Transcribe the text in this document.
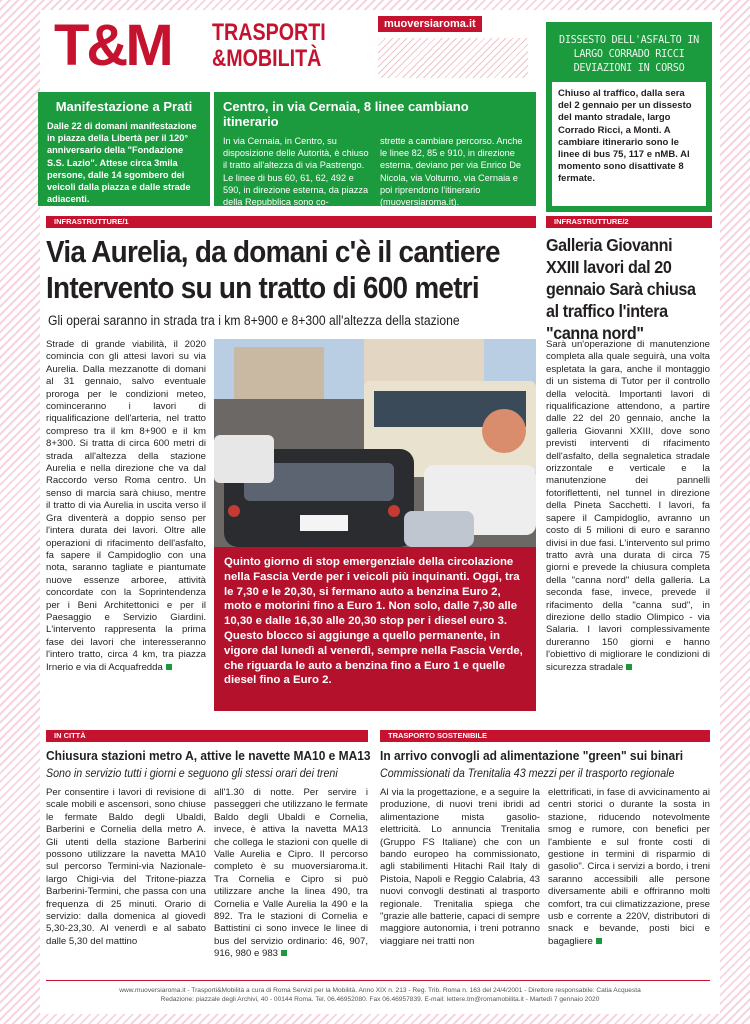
T&M TRASPORTI
&MOBILITÀ
muoversiaroma.it
DISSESTO DELL'ASFALTO IN LARGO CORRADO RICCI DEVIAZIONI IN CORSO

Chiuso al traffico, dalla sera del 2 gennaio per un dissesto del manto stradale, largo Corrado Ricci, a Monti. A cambiare itinerario sono le linee di bus 75, 117 e nMB. Al momento sono disattivate 8 fermate.

Manifestazione a Prati

Dalle 22 di domani manifestazione in piazza della Libertà per il 120° anniversario della "Fondazione S.S. Lazio". Attese circa 3mila persone, dalle 14 sgombero dei veicoli dalla piazza e dalle strade adiacenti.

Centro, in via Cernaia, 8 linee cambiano itinerario

In via Cernaia, in Centro, su disposizione delle Autorità, è chiuso il tratto all'altezza di via Pastrengo. Le linee di bus 60, 61, 62, 492 e 590, in direzione esterna, da piazza della Repubblica sono co-

strette a cambiare percorso. Anche le linee 82, 85 e 910, in direzione esterna, deviano per via Enrico De Nicola, via Volturno, via Cernaia e poi riprendono l'itinerario (muoversiaroma.it).

INFRASTRUTTURE/1
Via Aurelia, da domani c'è il cantiere
Intervento su un tratto di 600 metri
Gli operai saranno in strada tra i km 8+900 e 8+300 all'altezza della stazione
Strade di grande viabilità, il 2020 comincia con gli attesi lavori su via Aurelia. Dalla mezzanotte di domani al 31 gennaio, salvo eventuale proroga per le condizioni meteo, cominceranno i lavori di riqualificazione dell'arteria, nel tratto compreso tra il km 8+900 e il km 8+300. Si tratta di circa 600 metri di strada all'altezza della stazione Aurelia e nella direzione che va dal Raccordo verso Roma centro. Un senso di marcia sarà chiuso, mentre il tratto di via Aurelia in uscita verso il Gra diventerà a doppio senso per l'intera durata dei lavori. Oltre alle operazioni di rifacimento dell'asfalto, fa sapere il Campidoglio con una nota, saranno tagliate e piantumate nuove essenze arboree, attività concordate con la Soprintendenza per i Beni Architettonici e per il Paesaggio e Servizio Giardini. L'intervento rappresenta la prima fase dei lavori che interesseranno l'intero tratto, circa 4 km, tra piazza Irnerio e via di Acquafredda
Quinto giorno di stop emergenziale della circolazione nella Fascia Verde per i veicoli più inquinanti. Oggi, tra le 7,30 e le 20,30, si fermano auto a benzina Euro 2, moto e motorini fino a Euro 1. Non solo, dalle 7,30 alle 10,30 e dalle 16,30 alle 20,30 stop per i diesel euro 3. Questo blocco si aggiunge a quello permanente, in vigore dal lunedì al venerdì, sempre nella Fascia Verde, che riguarda le auto a benzina fino a Euro 1 e quelle diesel fino a Euro 2.
INFRASTRUTTURE/2
Galleria Giovanni XXIII lavori dal 20 gennaio Sarà chiusa al traffico l'intera "canna nord"
Sarà un'operazione di manutenzione completa alla quale seguirà, una volta espletata la gara, anche il montaggio di un sistema di Tutor per il controllo della velocità. Importanti lavori di riqualificazione attendono, a partire dalle 22 del 20 gennaio, anche la galleria Giovanni XXIII, dove sono previsti interventi di rifacimento dell'asfalto, della segnaletica stradale orizzontale e verticale e la manutenzione dei pannelli fotoriflettenti, nel tunnel in direzione della Pineta Sacchetti. I lavori, fa sapere il Campidoglio, avranno un costo di 5 milioni di euro e saranno divisi in due fasi. L'intervento sul primo tratto avrà una durata di circa 75 giorni e prevede la chiusura completa della "canna nord" della galleria. La seconda fase, invece, prevede il rifacimento della "canna sud", in direzione dello stadio Olimpico - via Salaria. I lavori complessivamente dureranno 150 giorni e hanno l'obiettivo di migliorare le condizioni di sicurezza stradale
IN CITTÀ
Chiusura stazioni metro A, attive le navette MA10 e MA13
Sono in servizio tutti i giorni e seguono gli stessi orari dei treni
Per consentire i lavori di revisione di scale mobili e ascensori, sono chiuse le fermate Baldo degli Ubaldi, Barberini e Cornelia della metro A. Gli utenti della stazione Barberini possono utilizzare la navetta MA10 sul percorso Termini-via Nazionale-largo Chigi-via del Tritone-piazza Barberini-Termini, che passa con una frequenza di 25 minuti. Orario di servizio: dalla domenica al giovedì 5,30-23,30. Al venerdì e al sabato dalle 5,30 del mattino
all'1.30 di notte. Per servire i passeggeri che utilizzano le fermate Baldo degli Ubaldi e Cornelia, invece, è attiva la navetta MA13 che collega le stazioni con quelle di Valle Aurelia e Cipro. Il percorso completo è su muoversiaroma.it. Tra Cornelia e Cipro si può utilizzare anche la linea 490, tra Cornelia e Valle Aurelia la 490 e la 892. Tra le stazioni di Cornelia e Battistini ci sono invece le linee di bus del servizio ordinario: 46, 907, 916, 980 e 983
TRASPORTO SOSTENIBILE
In arrivo convogli ad alimentazione "green" sui binari
Commissionati da Trenitalia 43 mezzi per il trasporto regionale
Al via la progettazione, e a seguire la produzione, di nuovi treni ibridi ad alimentazione mista gasolio-elettricità. Lo annuncia Trenitalia (Gruppo FS Italiane) che con un bando europeo ha commissionato, agli stabilimenti Hitachi Rail Italy di Pistoia, Napoli e Reggio Calabria, 43 nuovi convogli destinati al trasporto regionale. Trenitalia spiega che "grazie alle batterie, capaci di sempre maggiore autonomia, i treni potranno viaggiare nei tratti non
elettrificati, in fase di avvicinamento ai centri storici o durante la sosta in stazione, riducendo notevolmente smog e rumore, con benefici per l'ambiente e sul fronte costi di gestione in termini di risparmio di gasolio". Circa i servizi a bordo, i treni saranno accessibili alle persone diversamente abili e offriranno molti comfort, tra cui climatizzazione, prese usb e corrente a 220V, distributori di snack e bevande, posti bici e bagagliere
www.muoversiaroma.it - Trasporti&Mobilità a cura di Roma Servizi per la Mobilità. Anno XIX n. 213 - Reg. Trib. Roma n. 163 del 24/4/2001 - Direttore responsabile: Catia Acquesta
Redazione: piazzale degli Archivi, 40 - 00144 Roma. Tel. 06.46952080. Fax 06.46957839. E-mail: lettere.tm@romamobilita.it - Martedì 7 gennaio 2020
